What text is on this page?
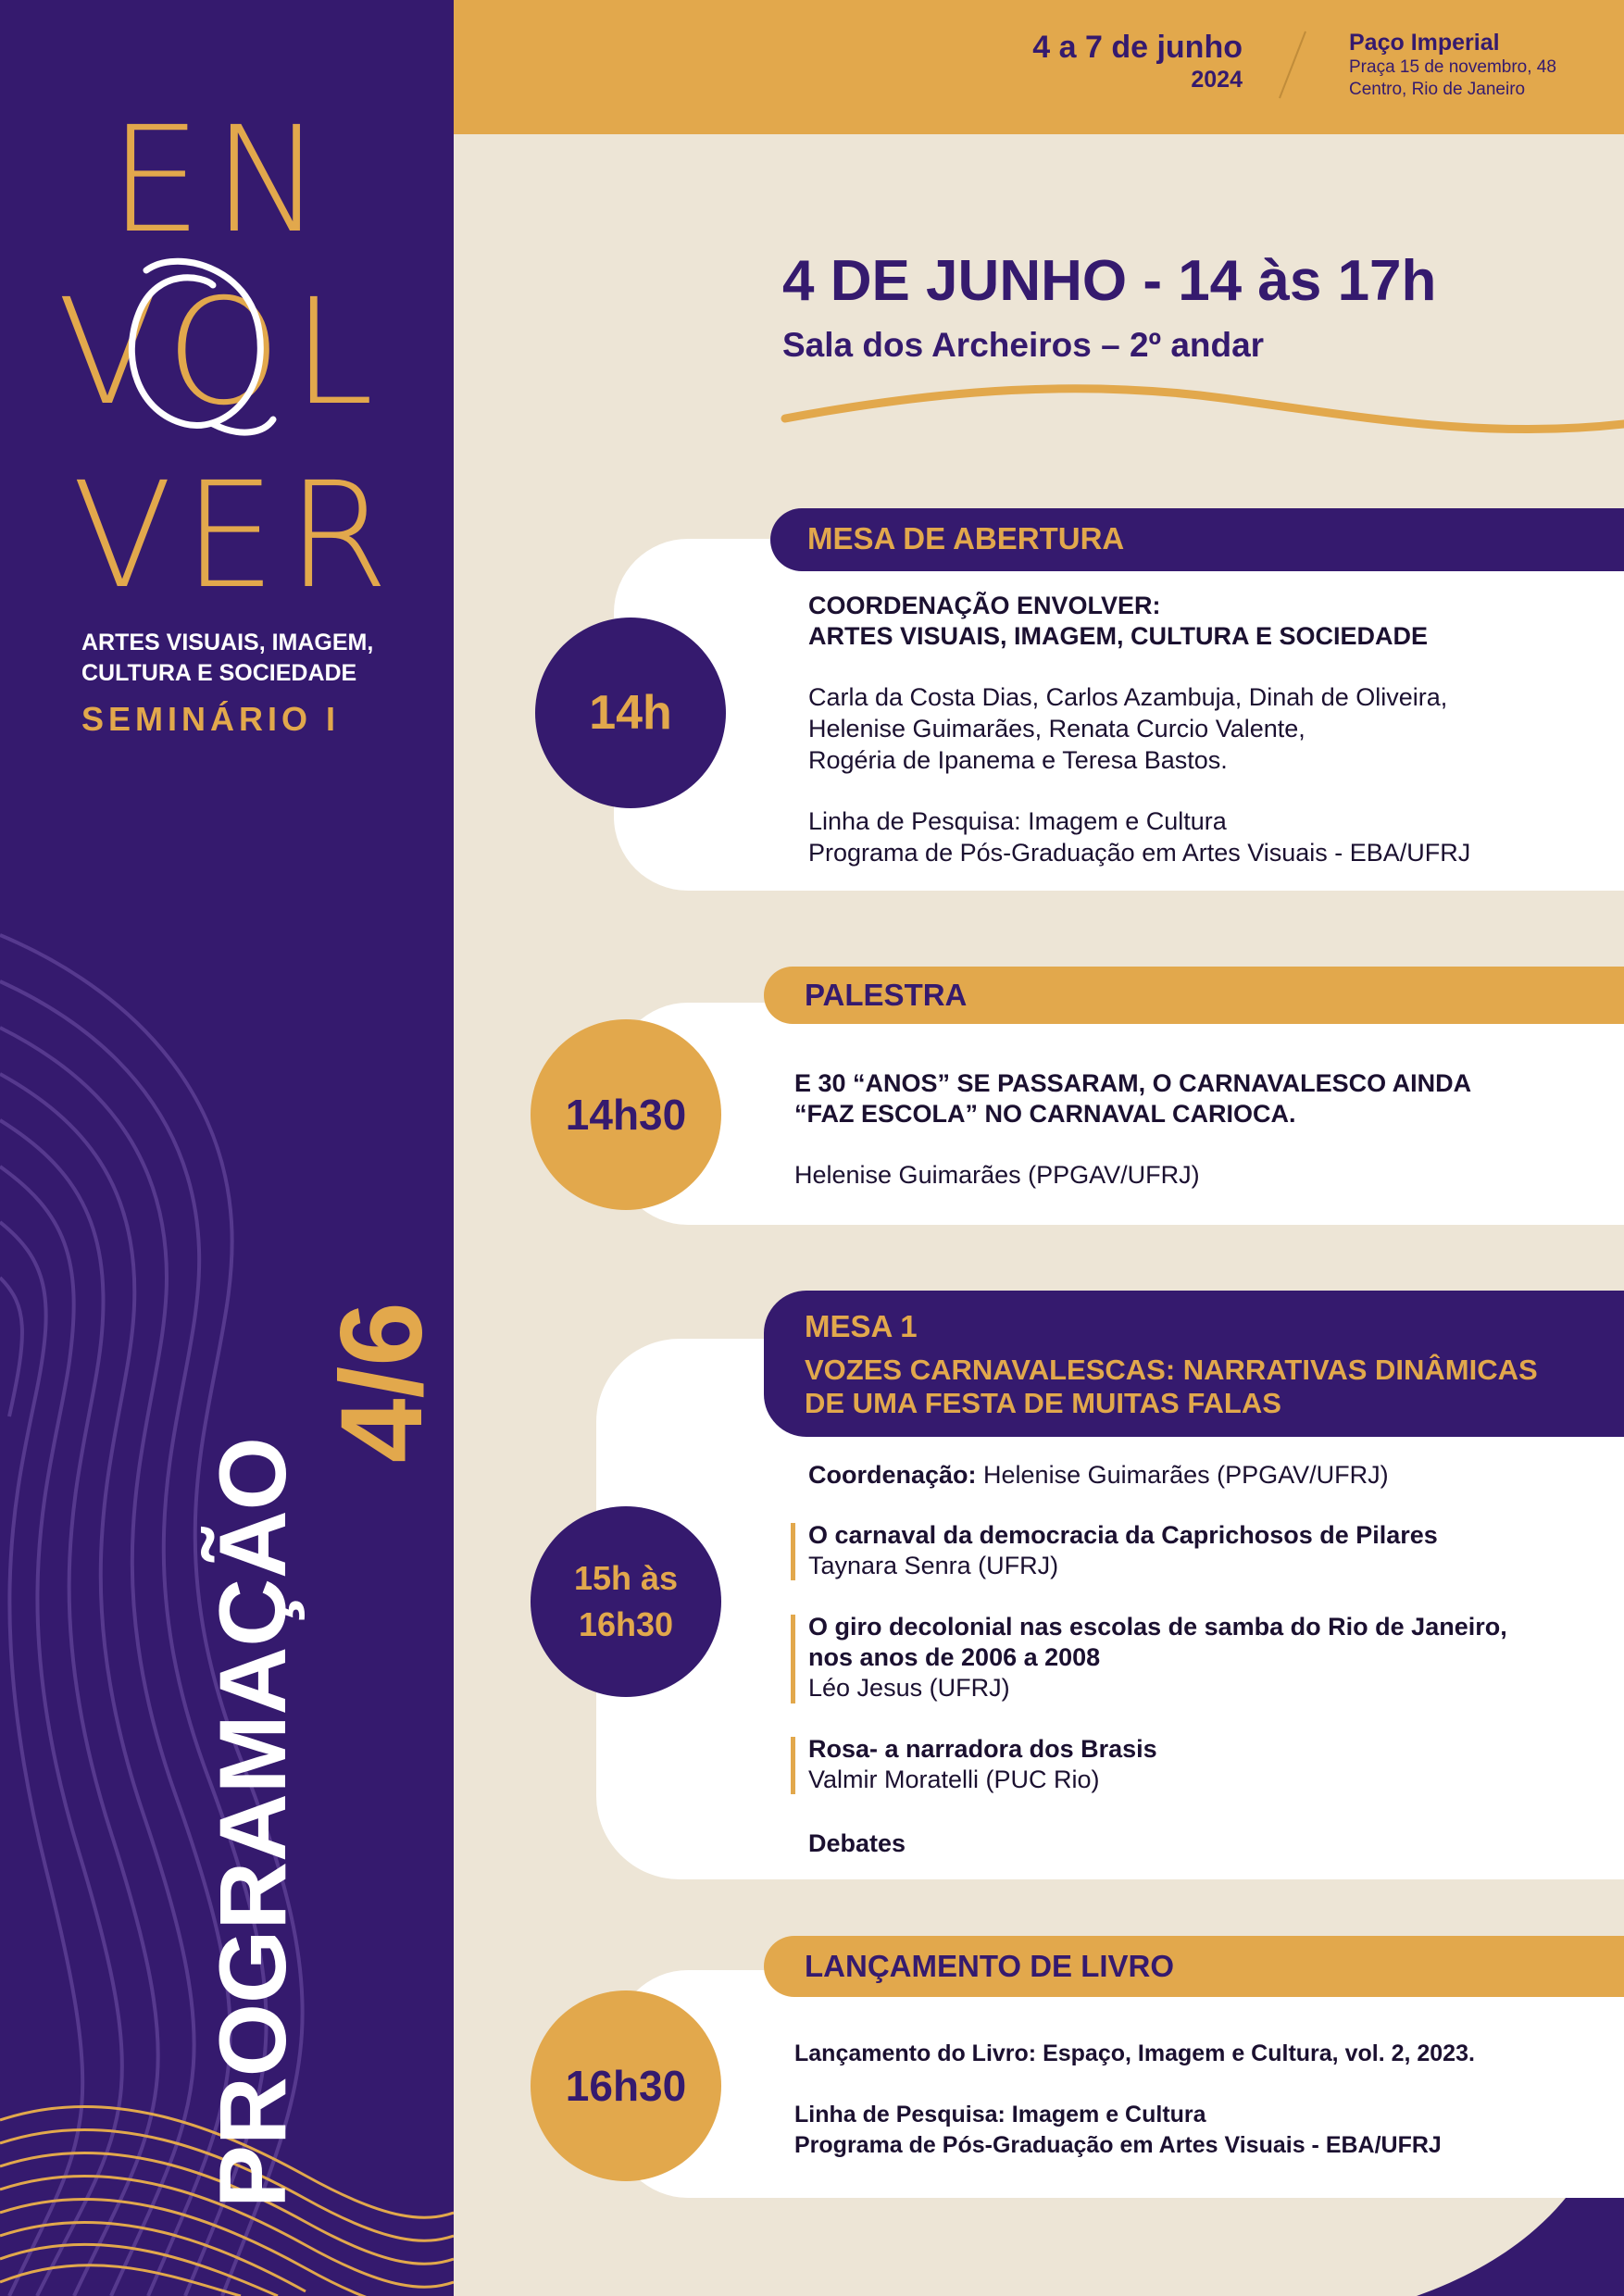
EN
VOL
VER
ARTES VISUAIS, IMAGEM,
CULTURA E SOCIEDADE
SEMINÁRIO I
PROGRAMAÇÃO
4/6
4 a 7 de junho
2024
Paço Imperial
Praça 15 de novembro, 48
Centro, Rio de Janeiro
4 DE JUNHO - 14 às 17h
Sala dos Archeiros – 2º andar
MESA DE ABERTURA
14h
COORDENAÇÃO ENVOLVER:
ARTES VISUAIS, IMAGEM, CULTURA E SOCIEDADE
Carla da Costa Dias, Carlos Azambuja, Dinah de Oliveira,
Helenise Guimarães, Renata Curcio Valente,
Rogéria de Ipanema e Teresa Bastos.
Linha de Pesquisa: Imagem e Cultura
Programa de Pós-Graduação em Artes Visuais - EBA/UFRJ
PALESTRA
14h30
E 30 “ANOS” SE PASSARAM, O CARNAVALESCO AINDA
“FAZ ESCOLA” NO CARNAVAL CARIOCA.
Helenise Guimarães (PPGAV/UFRJ)
MESA 1
VOZES CARNAVALESCAS: NARRATIVAS DINÂMICAS
DE UMA FESTA DE MUITAS FALAS
15h às
16h30
Coordenação: Helenise Guimarães (PPGAV/UFRJ)
O carnaval da democracia da Caprichosos de Pilares
Taynara Senra (UFRJ)
O giro decolonial nas escolas de samba do Rio de Janeiro,
nos anos de 2006 a 2008
Léo Jesus (UFRJ)
Rosa- a narradora dos Brasis
Valmir Moratelli (PUC Rio)
Debates
LANÇAMENTO DE LIVRO
16h30
Lançamento do Livro: Espaço, Imagem e Cultura, vol. 2, 2023.
Linha de Pesquisa: Imagem e Cultura
Programa de Pós-Graduação em Artes Visuais - EBA/UFRJ
